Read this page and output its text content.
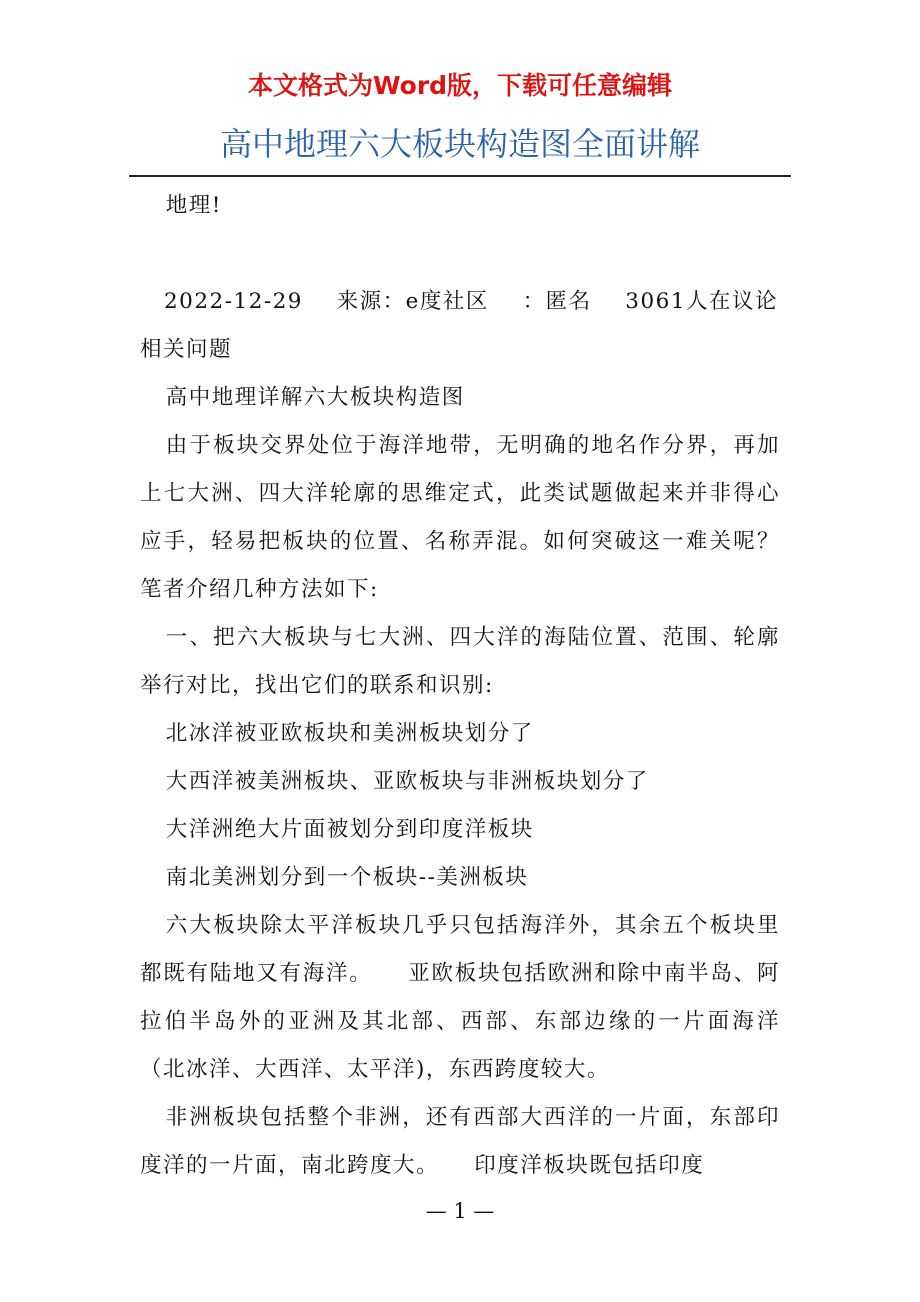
本文格式为Word版，下载可任意编辑
高中地理六大板块构造图全面讲解

地理!

2022-12-29 来源：e度社区 ：匿名 3061人在议论
相关问题

高中地理详解六大板块构造图

由于板块交界处位于海洋地带，无明确的地名作分界，再加上七大洲、四大洋轮廓的思维定式，此类试题做起来并非得心应手，轻易把板块的位置、名称弄混。如何突破这一难关呢？笔者介绍几种方法如下:

一、把六大板块与七大洲、四大洋的海陆位置、范围、轮廓举行对比，找出它们的联系和识别:

北冰洋被亚欧板块和美洲板块划分了

大西洋被美洲板块、亚欧板块与非洲板块划分了

大洋洲绝大片面被划分到印度洋板块

南北美洲划分到一个板块--美洲板块

六大板块除太平洋板块几乎只包括海洋外，其余五个板块里都既有陆地又有海洋。　　亚欧板块包括欧洲和除中南半岛、阿拉伯半岛外的亚洲及其北部、西部、东部边缘的一片面海洋（北冰洋、大西洋、太平洋)，东西跨度较大。

非洲板块包括整个非洲，还有西部大西洋的一片面，东部印度洋的一片面，南北跨度大。　　印度洋板块既包括印度

— 1 —
